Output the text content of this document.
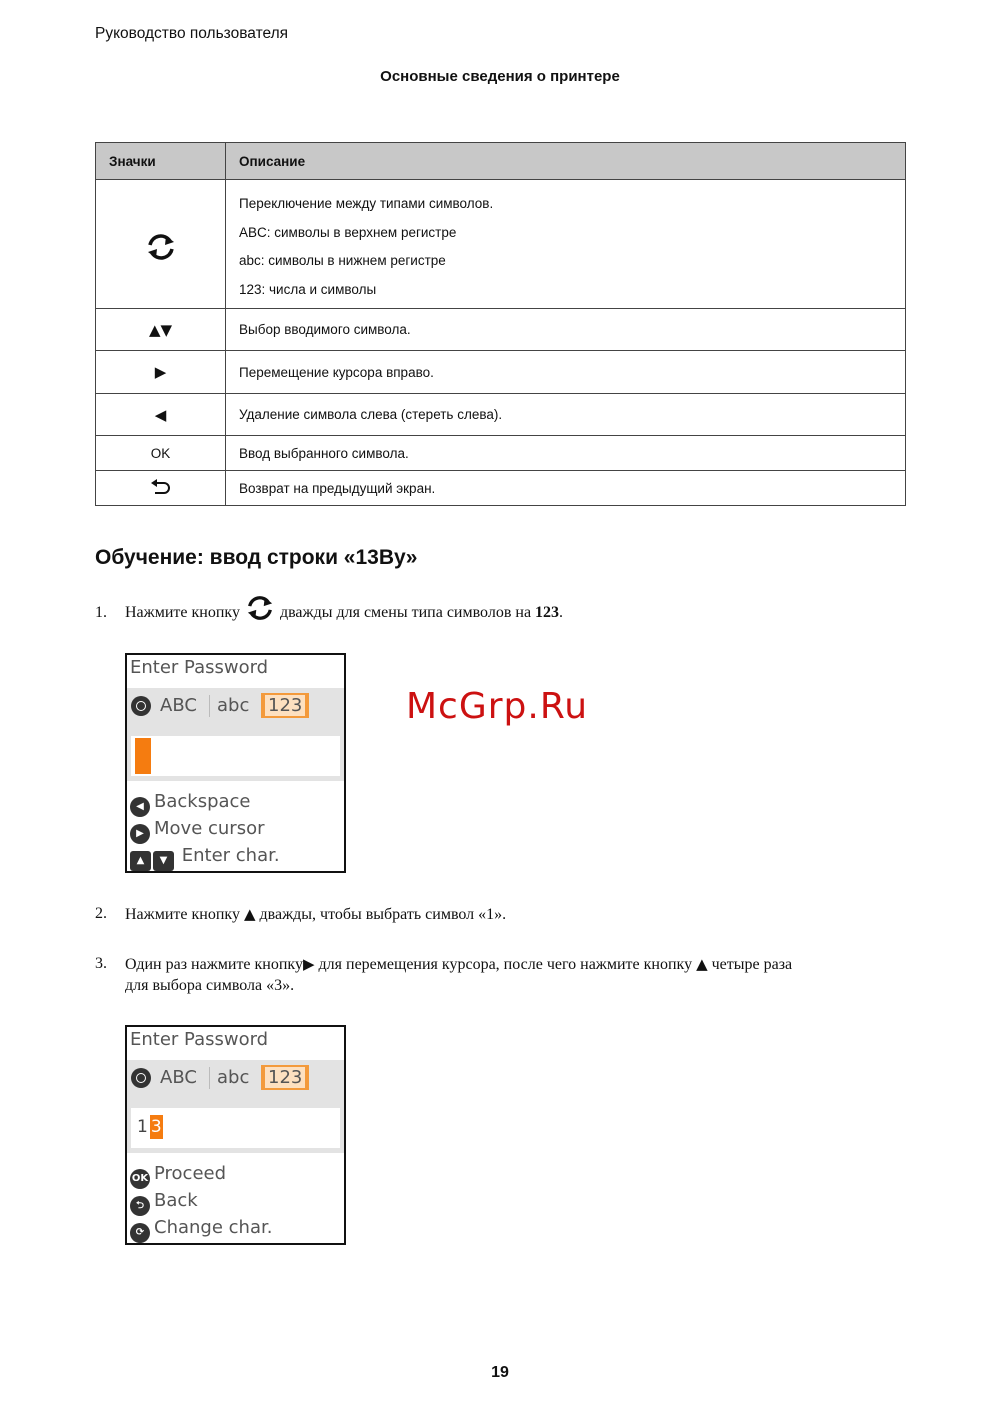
Руководство пользователя
Основные сведения о принтере
Значки	Описание

Переключение между типами символов.
ABC: символы в верхнем регистре
abc: символы в нижнем регистре
123: числа и символы

▲▼	Выбор вводимого символа.
▶	Перемещение курсора вправо.
◀	Удаление символа слева (стереть слева).
OK	Ввод выбранного символа.
	Возврат на предыдущий экран.
Обучение: ввод строки «13By»
1. Нажмите кнопку	дважды для смены типа символов на 123.
Enter Password
ABC abc	123
◀ Backspace
▶ Move cursor
▲ ▼ Enter char.
McGrp.Ru
2. Нажмите кнопку ▲ дважды, чтобы выбрать символ «1».
3. Один раз нажмите кнопку▶ для перемещения курсора, после чего нажмите кнопку ▲ четыре раза
для выбора символа «3».
Enter Password
ABC abc	123
1 3
OK Proceed
⮌ Back
⟳ Change char.
19
